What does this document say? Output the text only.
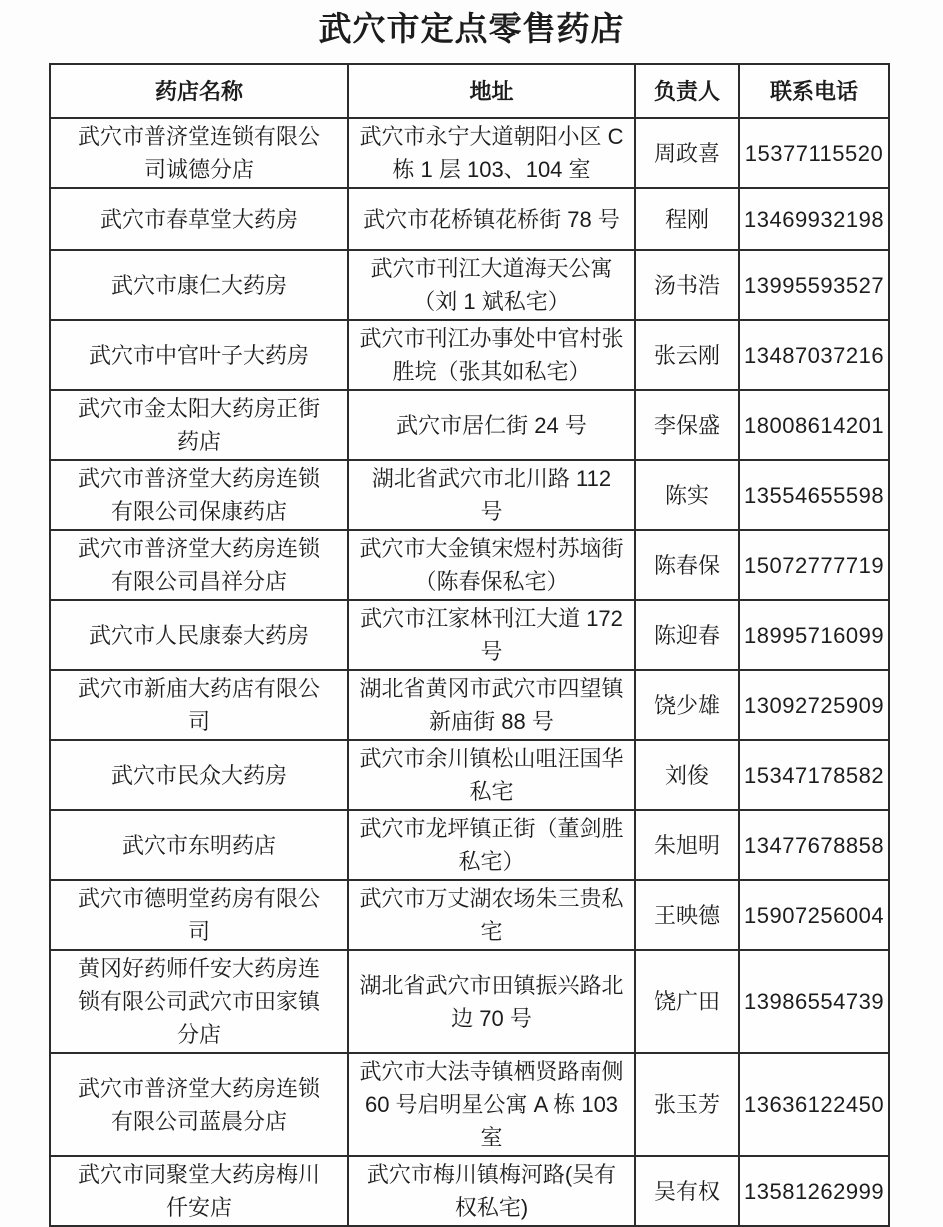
武穴市定点零售药店
药店名称	地址	负责人	联系电话
武穴市普济堂连锁有限公司诚德分店	武穴市永宁大道朝阳小区 C 栋 1 层 103、104 室	周政喜	15377115520
武穴市春草堂大药房	武穴市花桥镇花桥街 78 号	程刚	13469932198
武穴市康仁大药房	武穴市刊江大道海天公寓（刘 1 斌私宅）	汤书浩	13995593527
武穴市中官叶子大药房	武穴市刊江办事处中官村张胜垸（张其如私宅）	张云刚	13487037216
武穴市金太阳大药房正街药店	武穴市居仁街 24 号	李保盛	18008614201
武穴市普济堂大药房连锁有限公司保康药店	湖北省武穴市北川路 112 号	陈实	13554655598
武穴市普济堂大药房连锁有限公司昌祥分店	武穴市大金镇宋煜村苏垴街（陈春保私宅）	陈春保	15072777719
武穴市人民康泰大药房	武穴市江家林刊江大道 172 号	陈迎春	18995716099
武穴市新庙大药店有限公司	湖北省黄冈市武穴市四望镇新庙街 88 号	饶少雄	13092725909
武穴市民众大药房	武穴市余川镇松山咀汪国华私宅	刘俊	15347178582
武穴市东明药店	武穴市龙坪镇正街（董剑胜私宅）	朱旭明	13477678858
武穴市德明堂药房有限公司	武穴市万丈湖农场朱三贵私宅	王映德	15907256004
黄冈好药师仟安大药房连锁有限公司武穴市田家镇分店	湖北省武穴市田镇振兴路北边 70 号	饶广田	13986554739
武穴市普济堂大药房连锁有限公司蓝晨分店	武穴市大法寺镇栖贤路南侧 60 号启明星公寓 A 栋 103 室	张玉芳	13636122450
武穴市同聚堂大药房梅川仟安店	武穴市梅川镇梅河路(吴有权私宅)	吴有权	13581262999
